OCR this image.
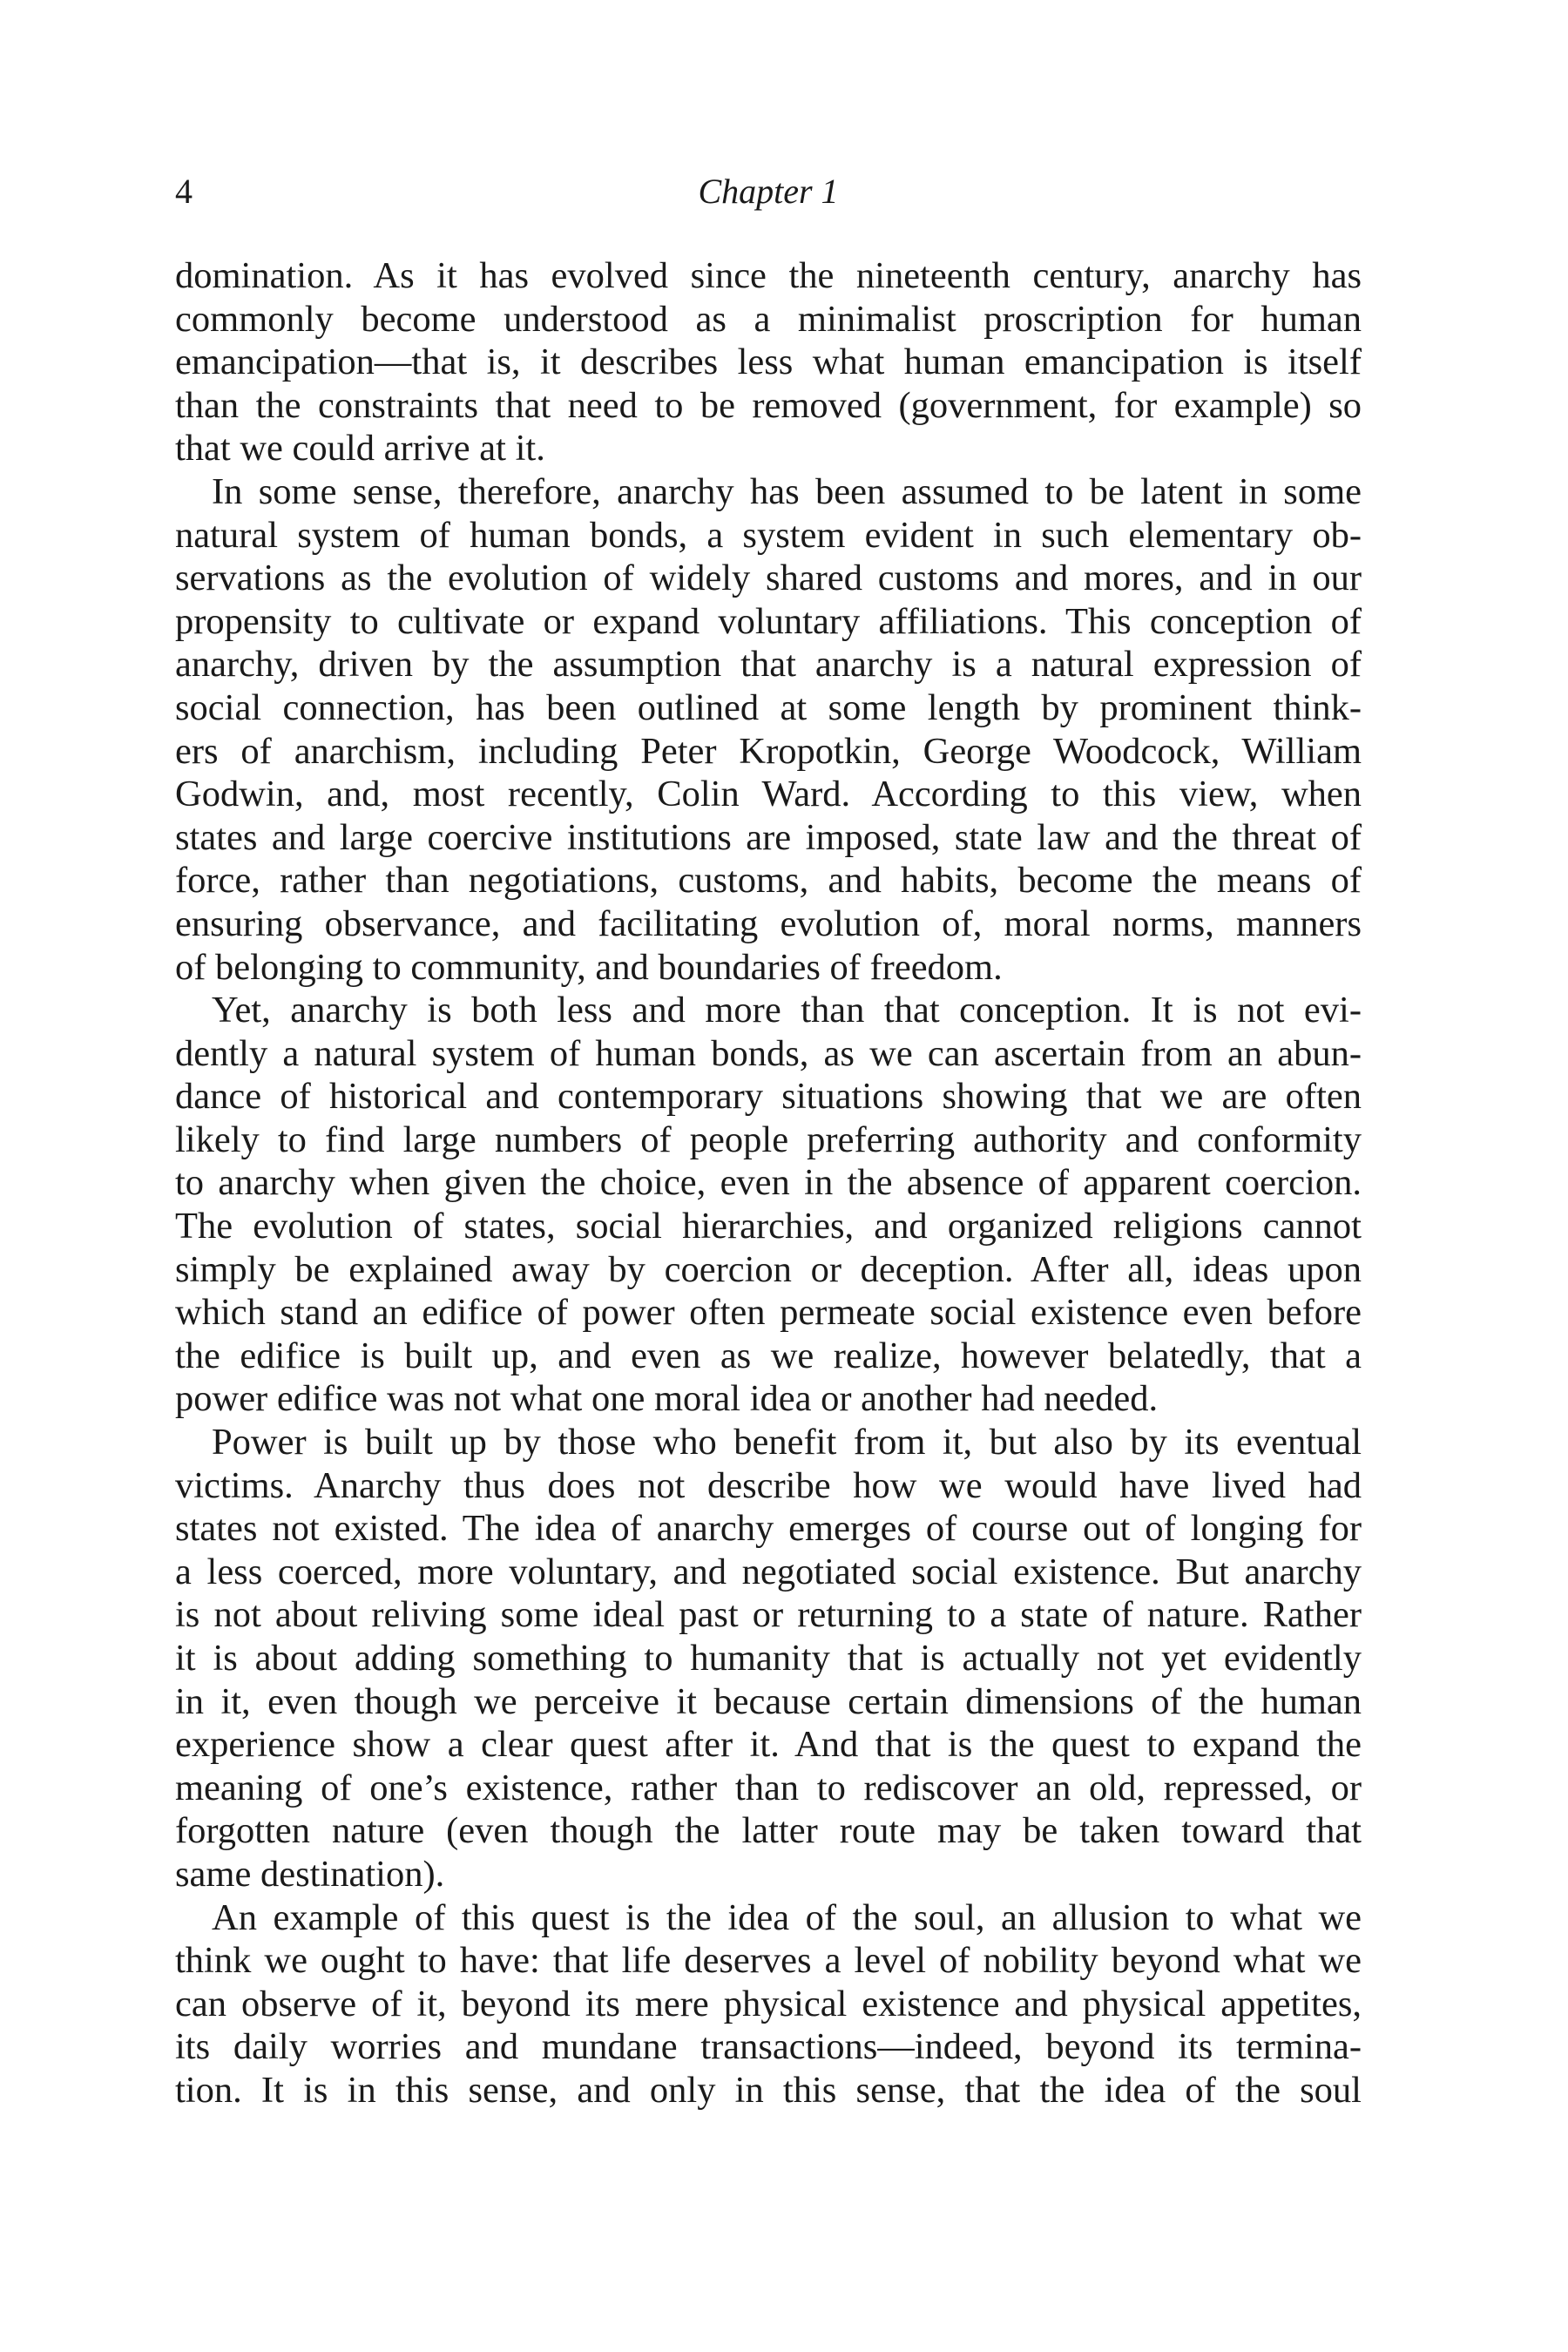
4	Chapter 1
domination. As it has evolved since the nineteenth century, anarchy has
commonly become understood as a minimalist proscription for human
emancipation—that is, it describes less what human emancipation is itself
than the constraints that need to be removed (government, for example) so
that we could arrive at it.
In some sense, therefore, anarchy has been assumed to be latent in some
natural system of human bonds, a system evident in such elementary ob-
servations as the evolution of widely shared customs and mores, and in our
propensity to cultivate or expand voluntary affiliations. This conception of
anarchy, driven by the assumption that anarchy is a natural expression of
social connection, has been outlined at some length by prominent think-
ers of anarchism, including Peter Kropotkin, George Woodcock, William
Godwin, and, most recently, Colin Ward. According to this view, when
states and large coercive institutions are imposed, state law and the threat of
force, rather than negotiations, customs, and habits, become the means of
ensuring observance, and facilitating evolution of, moral norms, manners
of belonging to community, and boundaries of freedom.
Yet, anarchy is both less and more than that conception. It is not evi-
dently a natural system of human bonds, as we can ascertain from an abun-
dance of historical and contemporary situations showing that we are often
likely to find large numbers of people preferring authority and conformity
to anarchy when given the choice, even in the absence of apparent coercion.
The evolution of states, social hierarchies, and organized religions cannot
simply be explained away by coercion or deception. After all, ideas upon
which stand an edifice of power often permeate social existence even before
the edifice is built up, and even as we realize, however belatedly, that a
power edifice was not what one moral idea or another had needed.
Power is built up by those who benefit from it, but also by its eventual
victims. Anarchy thus does not describe how we would have lived had
states not existed. The idea of anarchy emerges of course out of longing for
a less coerced, more voluntary, and negotiated social existence. But anarchy
is not about reliving some ideal past or returning to a state of nature. Rather
it is about adding something to humanity that is actually not yet evidently
in it, even though we perceive it because certain dimensions of the human
experience show a clear quest after it. And that is the quest to expand the
meaning of one’s existence, rather than to rediscover an old, repressed, or
forgotten nature (even though the latter route may be taken toward that
same destination).
An example of this quest is the idea of the soul, an allusion to what we
think we ought to have: that life deserves a level of nobility beyond what we
can observe of it, beyond its mere physical existence and physical appetites,
its daily worries and mundane transactions—indeed, beyond its termina-
tion. It is in this sense, and only in this sense, that the idea of the soul
